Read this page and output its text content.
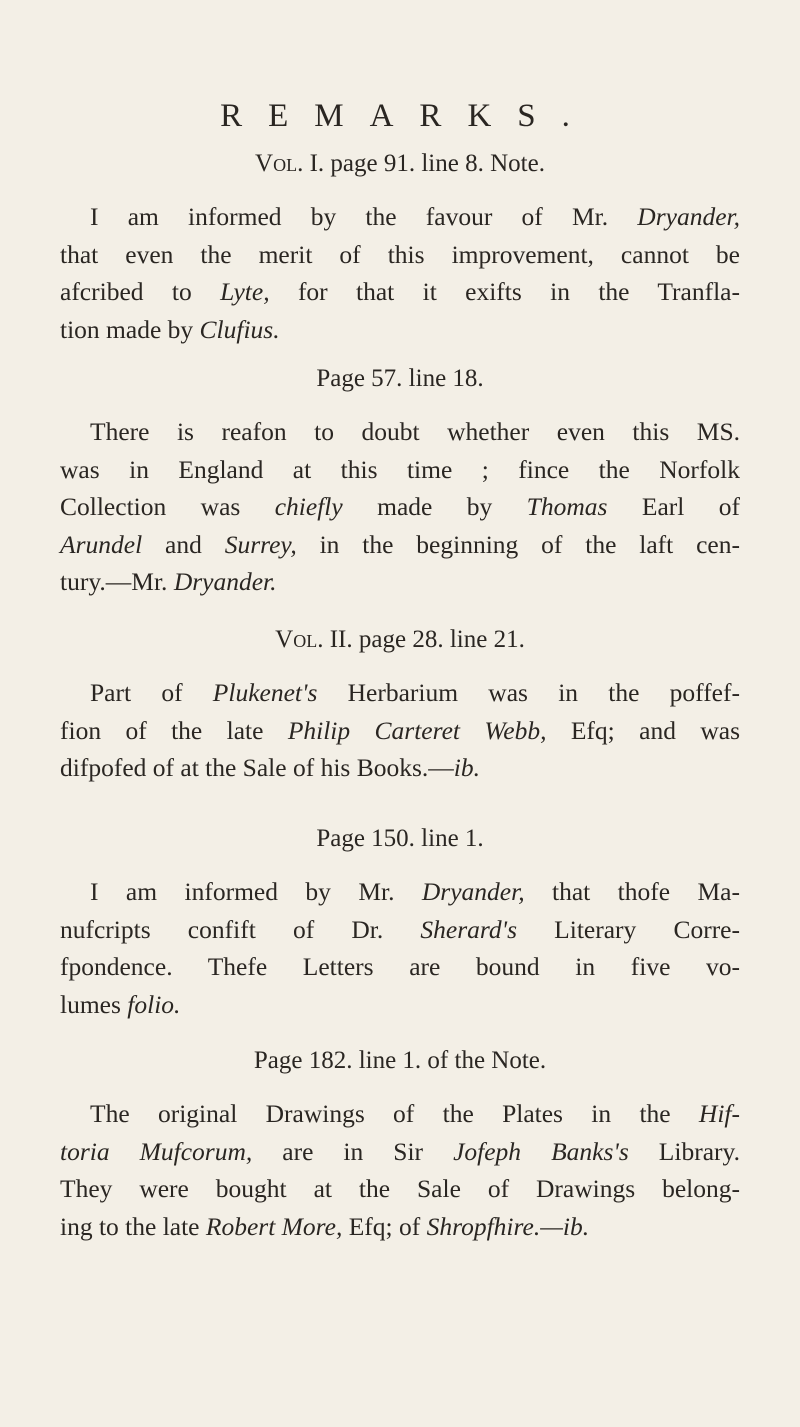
REMARKS.
Vol. I. page 91. line 8. Note.
I am informed by the favour of Mr. Dryander,
that even the merit of this improvement, cannot be
afcribed to Lyte, for that it exifts in the Tranfla-
tion made by Clufius.
Page 57. line 18.
There is reafon to doubt whether even this MS.
was in England at this time ; fince the Norfolk
Collection was chiefly made by Thomas Earl of
Arundel and Surrey, in the beginning of the laft cen-
tury.—Mr. Dryander.
Vol. II. page 28. line 21.
Part of Plukenet's Herbarium was in the poffef-
fion of the late Philip Carteret Webb, Efq; and was
difpofed of at the Sale of his Books.—ib.
Page 150. line 1.
I am informed by Mr. Dryander, that thofe Ma-
nufcripts confift of Dr. Sherard's Literary Corre-
fpondence. Thefe Letters are bound in five vo-
lumes folio.
Page 182. line 1. of the Note.
The original Drawings of the Plates in the Hif-
toria Mufcorum, are in Sir Jofeph Banks's Library.
They were bought at the Sale of Drawings belong-
ing to the late Robert More, Efq; of Shropfhire.—ib.
